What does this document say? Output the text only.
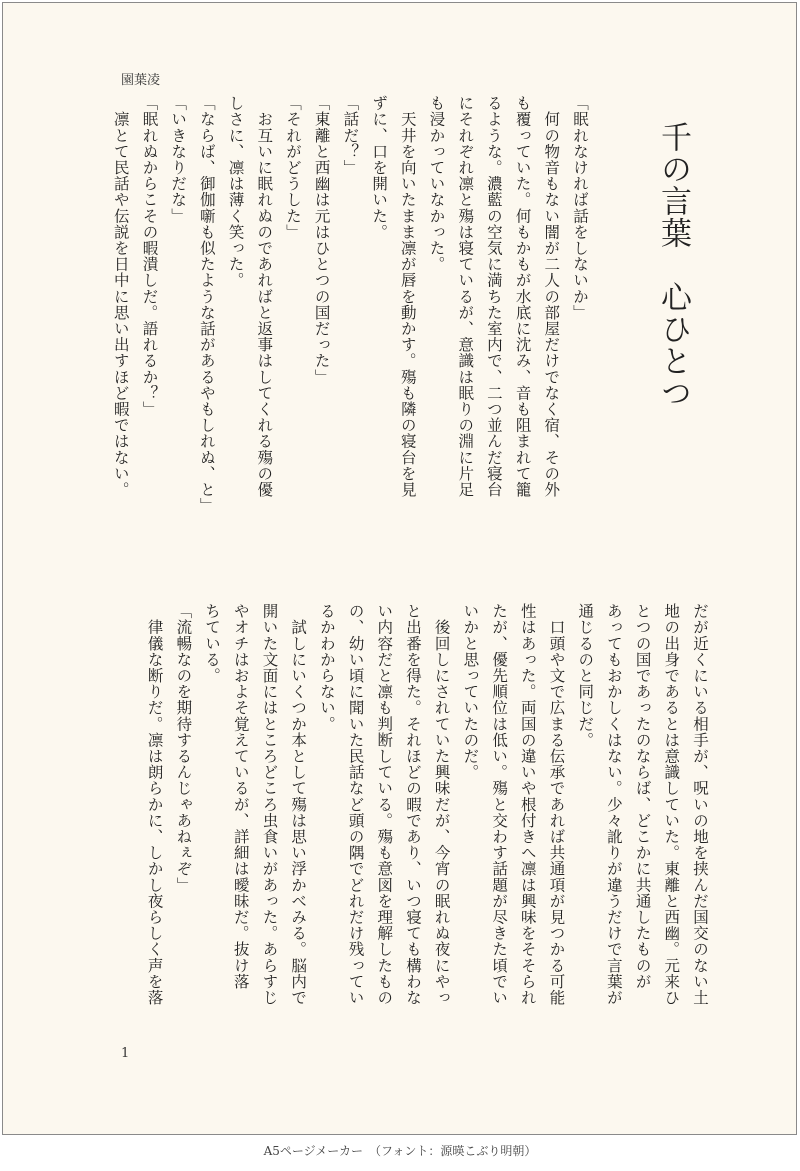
園葉凌
千の言葉　心ひとつ
「眠れなければ話をしないか」
　何の物音もない闇が二人の部屋だけでなく宿、その外
も覆っていた。何もかもが水底に沈み、音も阻まれて籠
るような。濃藍の空気に満ちた室内で、二つ並んだ寝台
にそれぞれ凛と殤は寝ているが、意識は眠りの淵に片足
も浸かっていなかった。
　天井を向いたまま凛が唇を動かす。殤も隣の寝台を見
ずに、口を開いた。
「話だ？」
「東離と西幽は元はひとつの国だった」
「それがどうした」
　お互いに眠れぬのであればと返事はしてくれる殤の優
しさに、凛は薄く笑った。
「ならば、御伽噺も似たような話があるやもしれぬ、と」
「いきなりだな」
「眠れぬからこその暇潰しだ。語れるか？」
　凛とて民話や伝説を日中に思い出すほど暇ではない。
だが近くにいる相手が、呪いの地を挟んだ国交のない土
地の出身であるとは意識していた。東離と西幽。元来ひ
とつの国であったのならば、どこかに共通したものが
あってもおかしくはない。少々訛りが違うだけで言葉が
通じるのと同じだ。
　口頭や文で広まる伝承であれば共通項が見つかる可能
性はあった。両国の違いや根付きへ凛は興味をそそられ
たが、優先順位は低い。殤と交わす話題が尽きた頃でい
いかと思っていたのだ。
　後回しにされていた興味だが、今宵の眠れぬ夜にやっ
と出番を得た。それほどの暇であり、いつ寝ても構わな
い内容だと凛も判断している。殤も意図を理解したもの
の、幼い頃に聞いた民話など頭の隅でどれだけ残ってい
るかわからない。
　試しにいくつか本として殤は思い浮かべみる。脳内で
開いた文面にはところどころ虫食いがあった。あらすじ
やオチはおよそ覚えているが、詳細は曖昧だ。抜け落
ちている。
「流暢なのを期待するんじゃあねぇぞ」
　律儀な断りだ。凛は朗らかに、しかし夜らしく声を落
1
A5ページメーカー　（フォント：源暎こぶり明朝）
